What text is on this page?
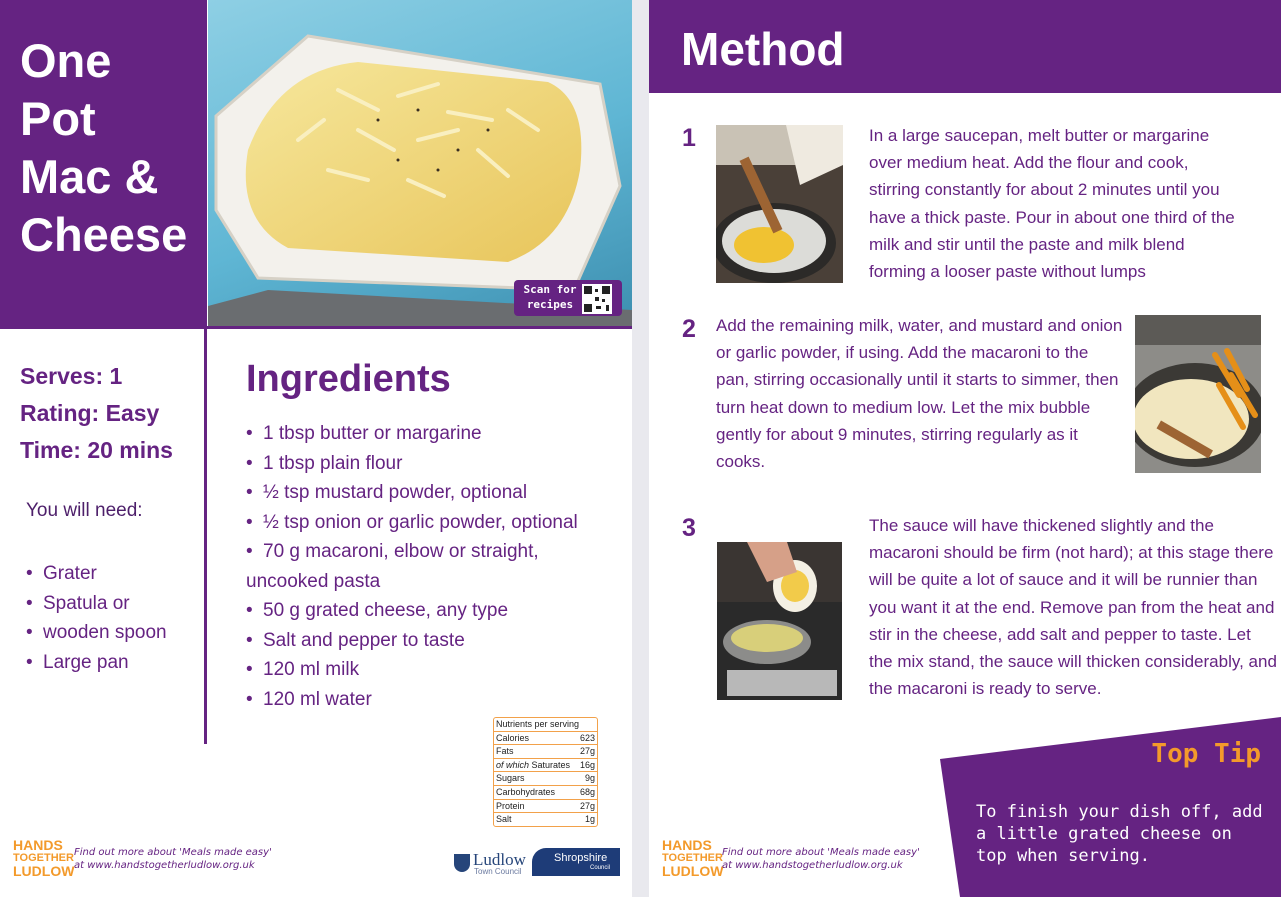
One
Pot
Mac &
Cheese
Scan for
recipes
Serves: 1
Rating: Easy
Time: 20 mins
You will need:
• Grater
• Spatula or
• wooden spoon
• Large pan
Ingredients
• 1 tbsp butter or margarine
• 1 tbsp plain flour
• ½ tsp mustard powder, optional
• ½ tsp onion or garlic powder, optional
• 70 g macaroni, elbow or straight,
uncooked pasta
• 50 g grated cheese, any type
• Salt and pepper to taste
• 120 ml milk
• 120 ml water
Nutrients per serving
Calories	623
Fats	27g
of which Saturates 16g
Sugars	9g
Carbohydrates	68g
Protein	27g
Salt	1g
HANDS
TOGETHER
LUDLOW
Find out more about 'Meals made easy'
at www.handstogetherludlow.org.uk	Ludlow
Town Council
Shropshire
Council
Method
1	In a large saucepan, melt butter or margarine over medium heat. Add the flour and cook, stirring constantly for about 2 minutes until you have a thick paste. Pour in about one third of the milk and stir until the paste and milk blend forming a looser paste without lumps
2 Add the remaining milk, water, and mustard and onion or garlic powder, if using. Add the macaroni to the pan, stirring occasionally until it starts to simmer, then turn heat down to medium low. Let the mix bubble gently for about 9 minutes, stirring regularly as it cooks.
3	The sauce will have thickened slightly and the macaroni should be firm (not hard); at this stage there will be quite a lot of sauce and it will be runnier than you want it at the end. Remove pan from the heat and stir in the cheese, add salt and pepper to taste. Let the mix stand, the sauce will thicken considerably, and the macaroni is ready to serve.
Top Tip
To finish your dish off, add a little grated cheese on top when serving.
HANDS
TOGETHER
LUDLOW
Find out more about 'Meals made easy'
at www.handstogetherludlow.org.uk
